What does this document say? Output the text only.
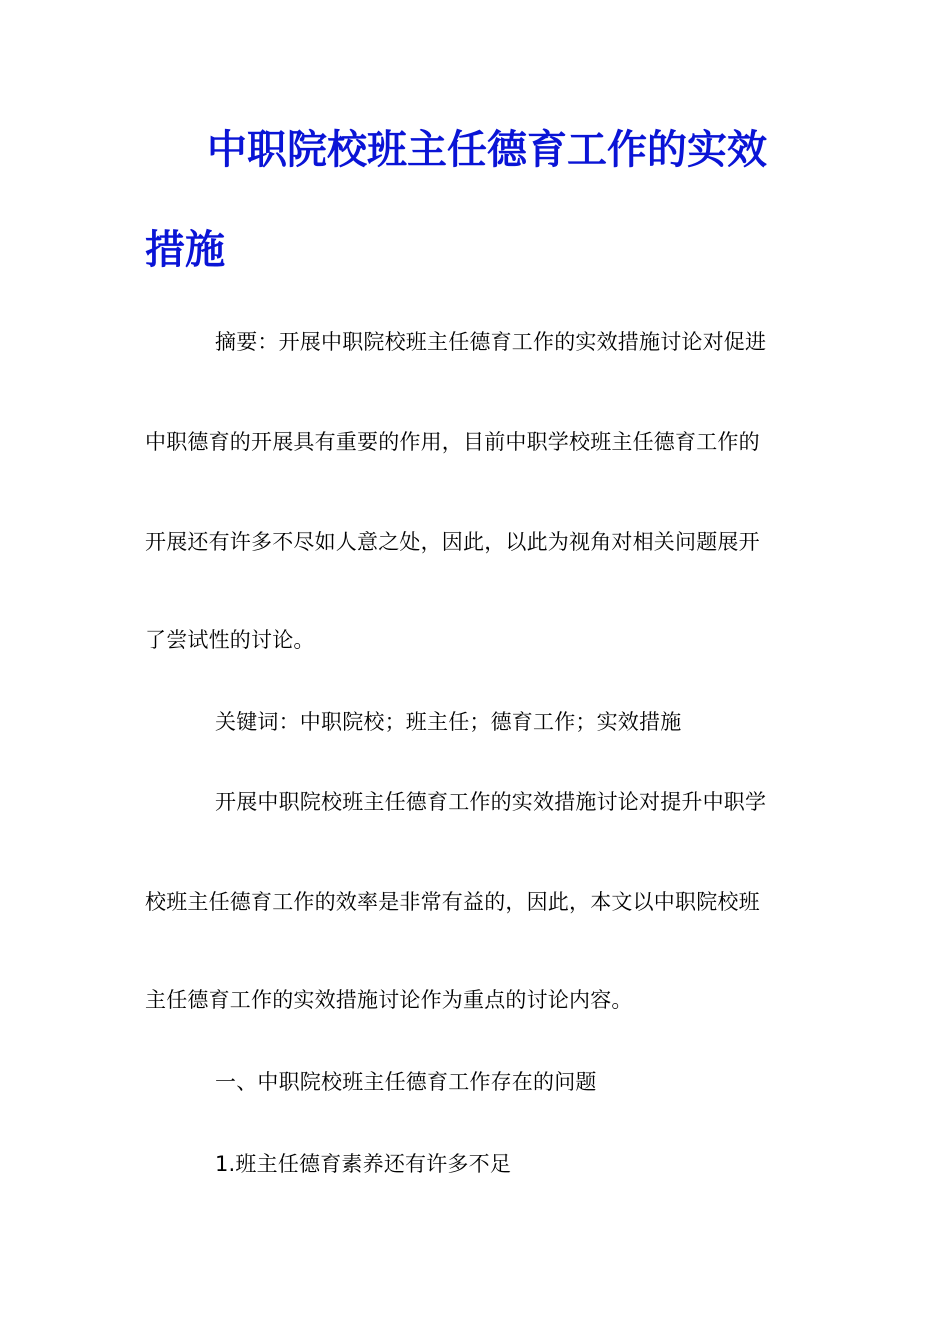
中职院校班主任德育工作的实效
措施
摘要：开展中职院校班主任德育工作的实效措施讨论对促进
中职德育的开展具有重要的作用，目前中职学校班主任德育工作的
开展还有许多不尽如人意之处，因此，以此为视角对相关问题展开
了尝试性的讨论。
关键词：中职院校；班主任；德育工作；实效措施
开展中职院校班主任德育工作的实效措施讨论对提升中职学
校班主任德育工作的效率是非常有益的，因此，本文以中职院校班
主任德育工作的实效措施讨论作为重点的讨论内容。
一、中职院校班主任德育工作存在的问题
1.班主任德育素养还有许多不足
